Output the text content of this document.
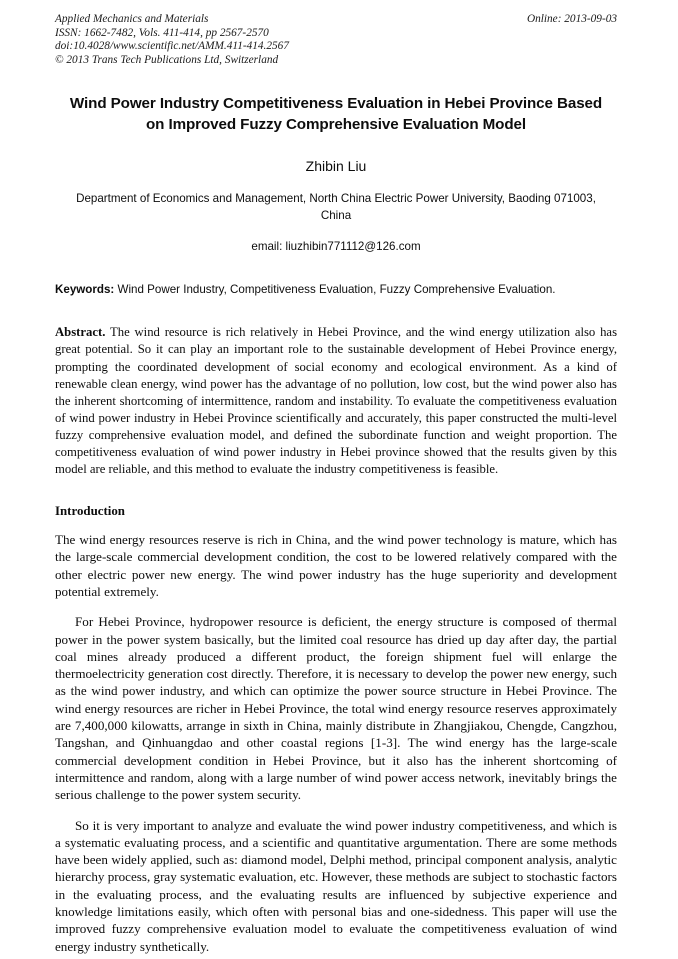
Applied Mechanics and Materials
ISSN: 1662-7482, Vols. 411-414, pp 2567-2570
doi:10.4028/www.scientific.net/AMM.411-414.2567
© 2013 Trans Tech Publications Ltd, Switzerland
Online: 2013-09-03
Wind Power Industry Competitiveness Evaluation in Hebei Province Based on Improved Fuzzy Comprehensive Evaluation Model
Zhibin Liu
Department of Economics and Management, North China Electric Power University, Baoding 071003, China
email: liuzhibin771112@126.com
Keywords: Wind Power Industry, Competitiveness Evaluation, Fuzzy Comprehensive Evaluation.
Abstract. The wind resource is rich relatively in Hebei Province, and the wind energy utilization also has great potential. So it can play an important role to the sustainable development of Hebei Province energy, prompting the coordinated development of social economy and ecological environment. As a kind of renewable clean energy, wind power has the advantage of no pollution, low cost, but the wind power also has the inherent shortcoming of intermittence, random and instability. To evaluate the competitiveness evaluation of wind power industry in Hebei Province scientifically and accurately, this paper constructed the multi-level fuzzy comprehensive evaluation model, and defined the subordinate function and weight proportion. The competitiveness evaluation of wind power industry in Hebei province showed that the results given by this model are reliable, and this method to evaluate the industry competitiveness is feasible.
Introduction

The wind energy resources reserve is rich in China, and the wind power technology is mature, which has the large-scale commercial development condition, the cost to be lowered relatively compared with the other electric power new energy. The wind power industry has the huge superiority and development potential extremely.

For Hebei Province, hydropower resource is deficient, the energy structure is composed of thermal power in the power system basically, but the limited coal resource has dried up day after day, the partial coal mines already produced a different product, the foreign shipment fuel will enlarge the thermoelectricity generation cost directly. Therefore, it is necessary to develop the power new energy, such as the wind power industry, and which can optimize the power source structure in Hebei Province. The wind energy resources are richer in Hebei Province, the total wind energy resource reserves approximately are 7,400,000 kilowatts, arrange in sixth in China, mainly distribute in Zhangjiakou, Chengde, Cangzhou, Tangshan, and Qinhuangdao and other coastal regions [1-3]. The wind energy has the large-scale commercial development condition in Hebei Province, but it also has the inherent shortcoming of intermittence and random, along with a large number of wind power access network, inevitably brings the serious challenge to the power system security.

So it is very important to analyze and evaluate the wind power industry competitiveness, and which is a systematic evaluating process, and a scientific and quantitative argumentation. There are some methods have been widely applied, such as: diamond model, Delphi method, principal component analysis, analytic hierarchy process, gray systematic evaluation, etc. However, these methods are subject to stochastic factors in the evaluating process, and the evaluating results are influenced by subjective experience and knowledge limitations easily, which often with personal bias and one-sidedness. This paper will use the improved fuzzy comprehensive evaluation model to evaluate the competitiveness evaluation of wind energy industry synthetically.
